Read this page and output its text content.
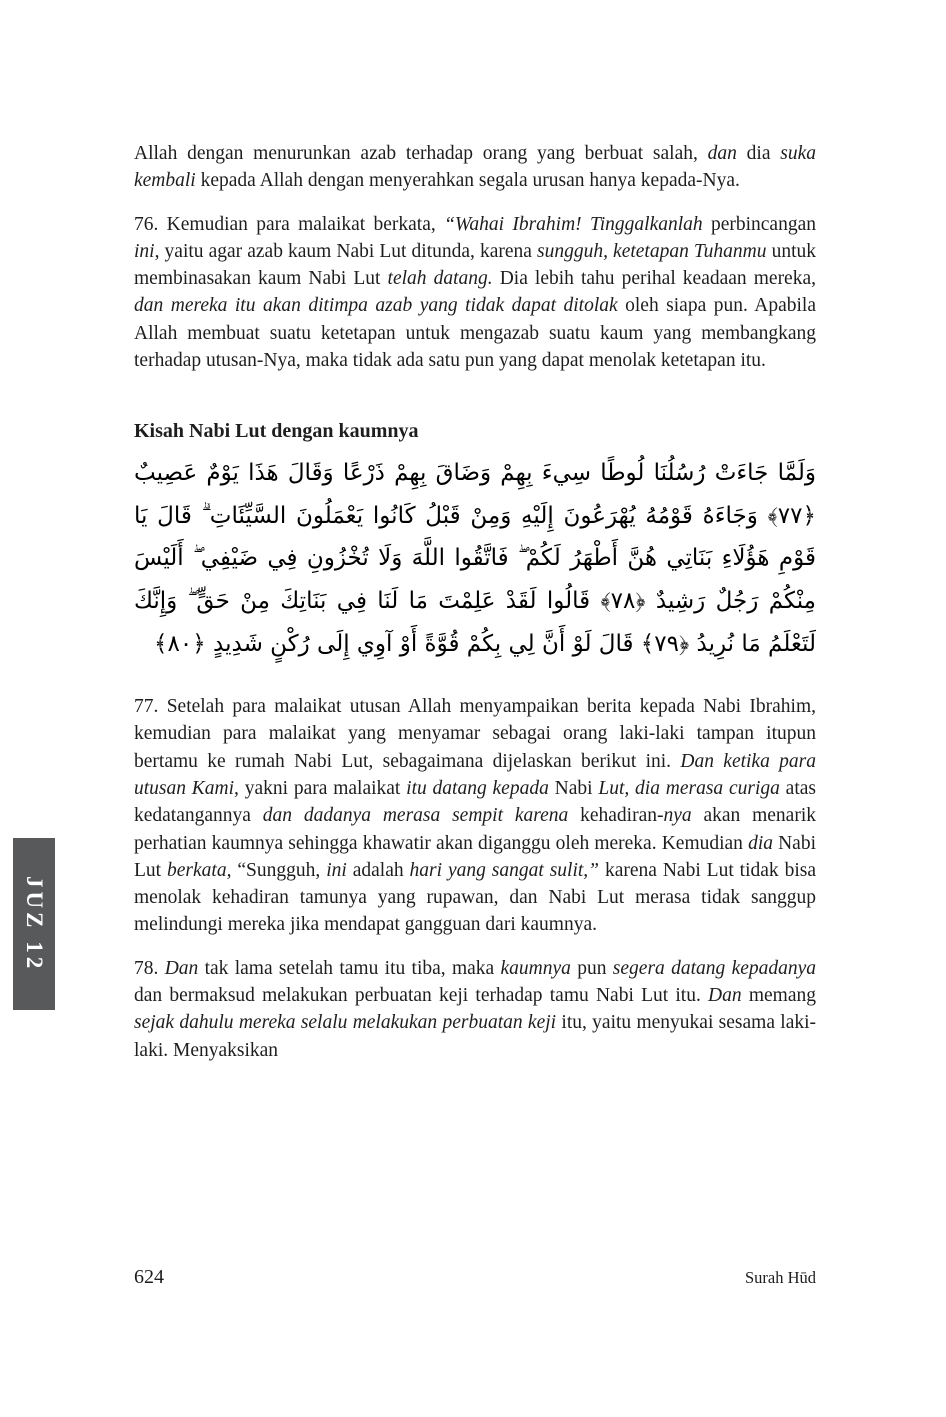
JUZ 12

Allah dengan menurunkan azab terhadap orang yang berbuat salah, dan dia suka kembali kepada Allah dengan menyerahkan segala urusan hanya kepada-Nya.

76. Kemudian para malaikat berkata, “Wahai Ibrahim! Tinggalkanlah perbincangan ini, yaitu agar azab kaum Nabi Lut ditunda, karena sungguh, ketetapan Tuhanmu untuk membinasakan kaum Nabi Lut telah datang. Dia lebih tahu perihal keadaan mereka, dan mereka itu akan ditimpa azab yang tidak dapat ditolak oleh siapa pun. Apabila Allah membuat suatu ketetapan untuk mengazab suatu kaum yang membangkang terhadap utusan-Nya, maka tidak ada satu pun yang dapat menolak ketetapan itu.

Kisah Nabi Lut dengan kaumnya
وَلَمَّا جَاءَتْ رُسُلُنَا لُوطًا سِيءَ بِهِمْ وَضَاقَ بِهِمْ ذَرْعًا وَقَالَ هَذَا يَوْمٌ عَصِيبٌ ﴿٧٧﴾ وَجَاءَهُ قَوْمُهُ يُهْرَعُونَ إِلَيْهِ وَمِنْ قَبْلُ كَانُوا يَعْمَلُونَ السَّيِّئَاتِ ۗ قَالَ يَا قَوْمِ هَؤُلَاءِ بَنَاتِي هُنَّ أَطْهَرُ لَكُمْ ۖ فَاتَّقُوا اللَّهَ وَلَا تُخْزُونِ فِي ضَيْفِي ۖ أَلَيْسَ مِنْكُمْ رَجُلٌ رَشِيدٌ ﴿٧٨﴾ قَالُوا لَقَدْ عَلِمْتَ مَا لَنَا فِي بَنَاتِكَ مِنْ حَقٍّ ۖ وَإِنَّكَ لَتَعْلَمُ مَا نُرِيدُ ﴿٧٩﴾ قَالَ لَوْ أَنَّ لِي بِكُمْ قُوَّةً أَوْ آوِي إِلَى رُكْنٍ شَدِيدٍ ﴿٨٠﴾

77. Setelah para malaikat utusan Allah menyampaikan berita kepada Nabi Ibrahim, kemudian para malaikat yang menyamar sebagai orang laki-laki tampan itupun bertamu ke rumah Nabi Lut, sebagaimana dijelaskan berikut ini. Dan ketika para utusan Kami, yakni para malaikat itu datang kepada Nabi Lut, dia merasa curiga atas kedatangannya dan dadanya merasa sempit karena kehadiran-nya akan menarik perhatian kaumnya sehingga khawatir akan diganggu oleh mereka. Kemudian dia Nabi Lut berkata, “Sungguh, ini adalah hari yang sangat sulit,” karena Nabi Lut tidak bisa menolak kehadiran tamunya yang rupawan, dan Nabi Lut merasa tidak sanggup melindungi mereka jika mendapat gangguan dari kaumnya.

78. Dan tak lama setelah tamu itu tiba, maka kaumnya pun segera datang kepadanya dan bermaksud melakukan perbuatan keji terhadap tamu Nabi Lut itu. Dan memang sejak dahulu mereka selalu melakukan perbuatan keji itu, yaitu menyukai sesama laki-laki. Menyaksikan

624	Surah Hūd
